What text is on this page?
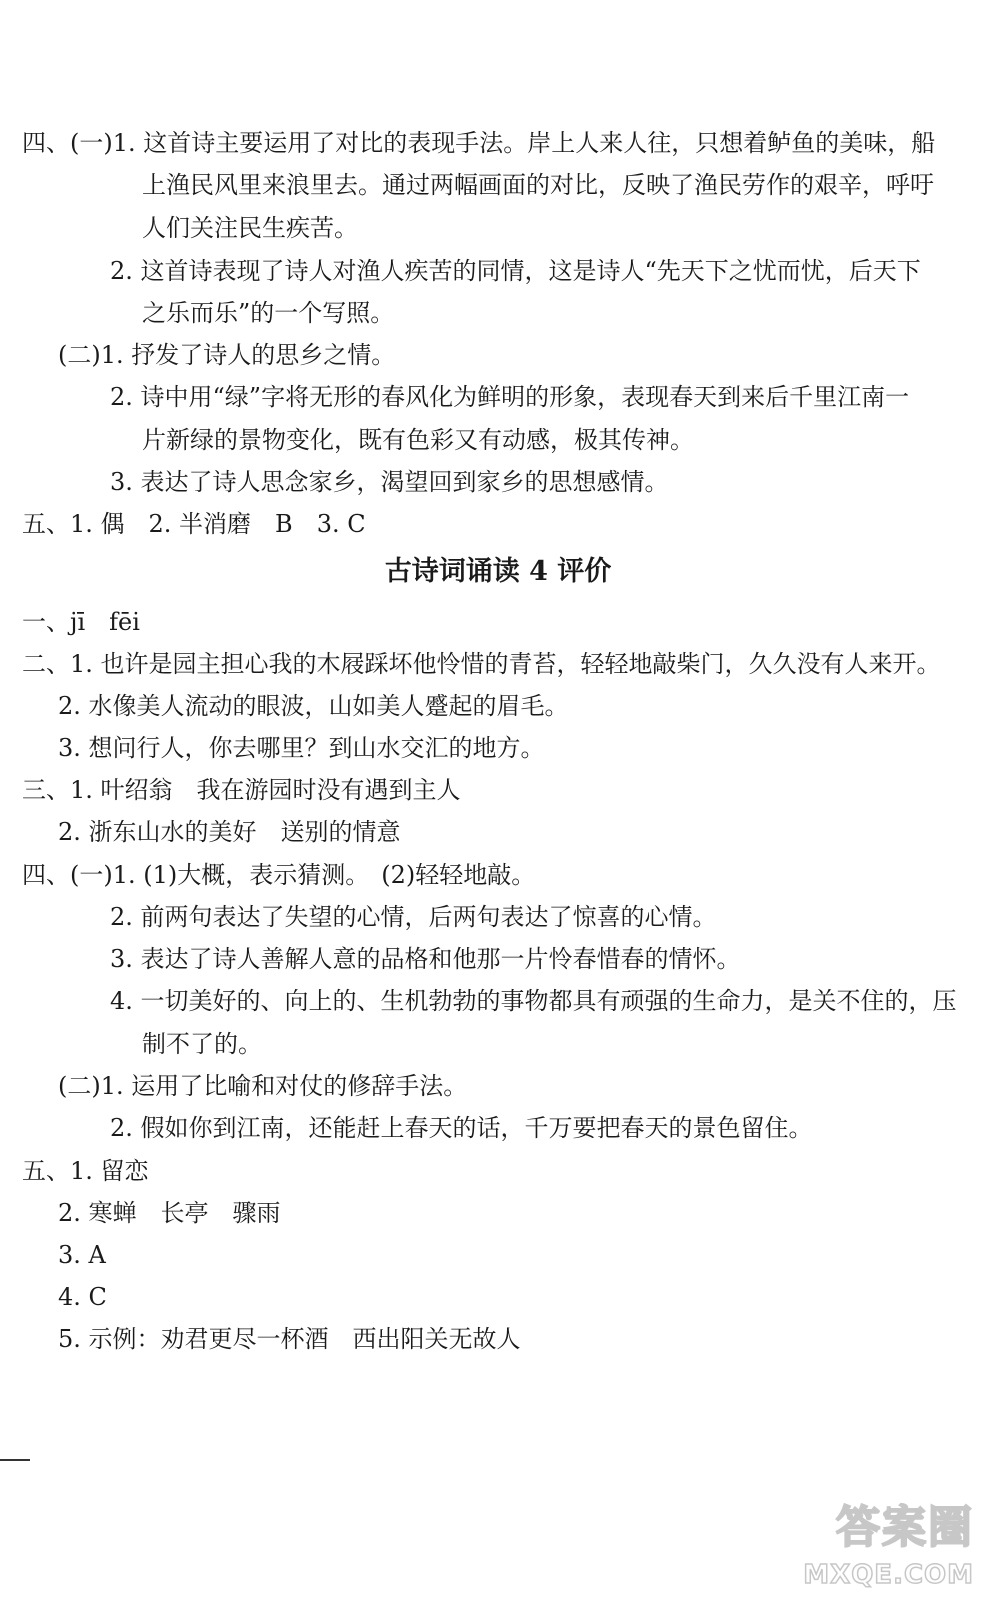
四、(一)1. 这首诗主要运用了对比的表现手法。岸上人来人往，只想着鲈鱼的美味，船
上渔民风里来浪里去。通过两幅画面的对比，反映了渔民劳作的艰辛，呼吁
人们关注民生疾苦。
2. 这首诗表现了诗人对渔人疾苦的同情，这是诗人“先天下之忧而忧，后天下
之乐而乐”的一个写照。
(二)1. 抒发了诗人的思乡之情。
2. 诗中用“绿”字将无形的春风化为鲜明的形象，表现春天到来后千里江南一
片新绿的景物变化，既有色彩又有动感，极其传神。
3. 表达了诗人思念家乡，渴望回到家乡的思想感情。
五、1. 偶　2. 半消磨　B　3. C
古诗词诵读 4 评价
一、jī　fēi
二、1. 也许是园主担心我的木屐踩坏他怜惜的青苔，轻轻地敲柴门，久久没有人来开。
2. 水像美人流动的眼波，山如美人蹙起的眉毛。
3. 想问行人，你去哪里？到山水交汇的地方。
三、1. 叶绍翁　我在游园时没有遇到主人
2. 浙东山水的美好　送别的情意
四、(一)1. (1)大概，表示猜测。　(2)轻轻地敲。
2. 前两句表达了失望的心情，后两句表达了惊喜的心情。
3. 表达了诗人善解人意的品格和他那一片怜春惜春的情怀。
4. 一切美好的、向上的、生机勃勃的事物都具有顽强的生命力，是关不住的，压
制不了的。
(二)1. 运用了比喻和对仗的修辞手法。
2. 假如你到江南，还能赶上春天的话，千万要把春天的景色留住。
五、1. 留恋
2. 寒蝉　长亭　骤雨
3. A
4. C
5. 示例：劝君更尽一杯酒　西出阳关无故人
答案圈
MXQE.COM
